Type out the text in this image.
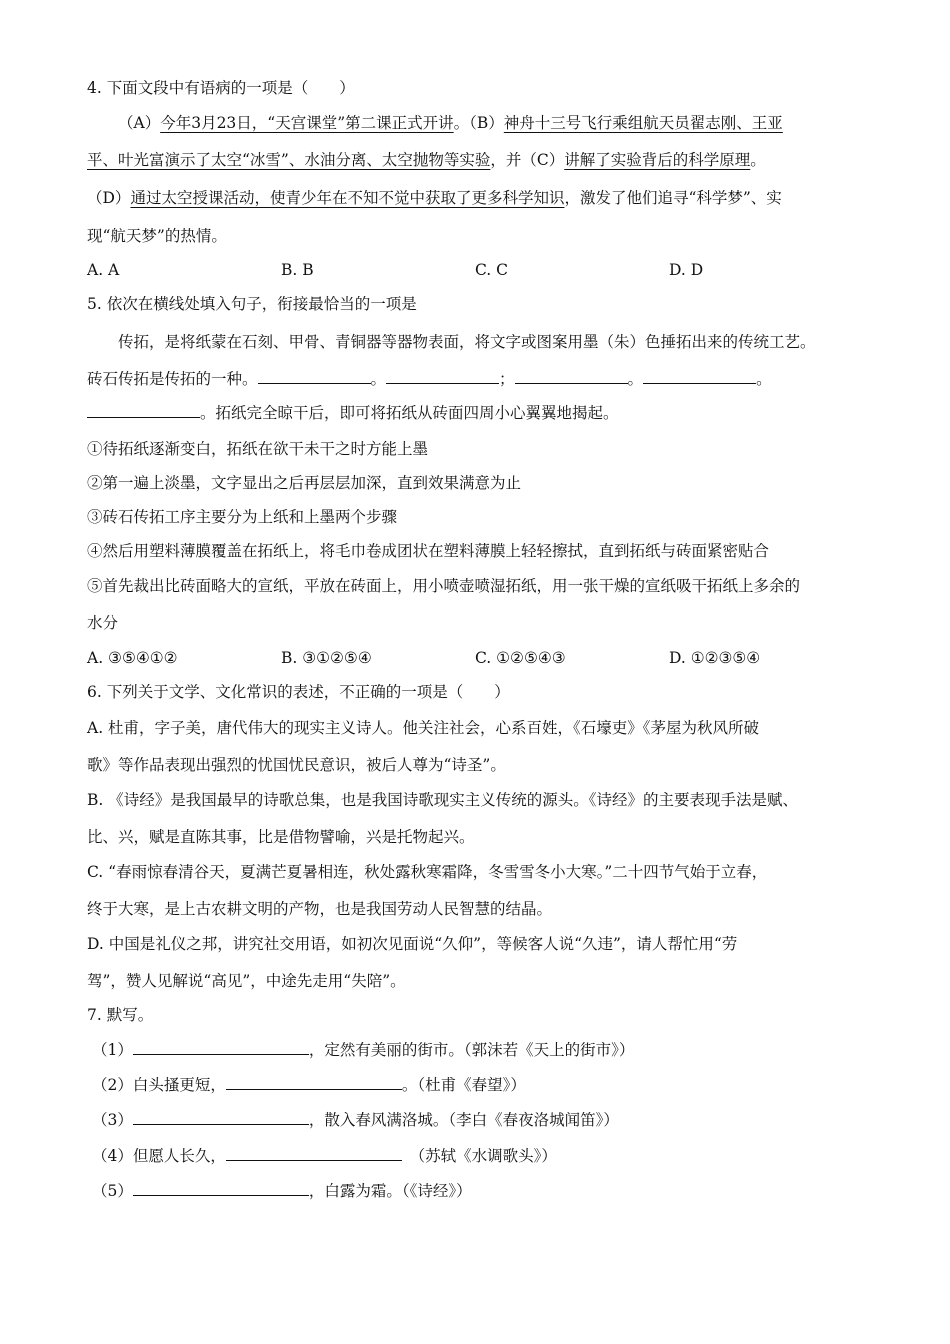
4. 下面文段中有语病的一项是（　　）
（A）今年3月23日，“天宫课堂”第二课正式开讲。（B）神舟十三号飞行乘组航天员翟志刚、王亚
平、叶光富演示了太空“冰雪”、水油分离、太空抛物等实验，并（C）讲解了实验背后的科学原理。
（D）通过太空授课活动，使青少年在不知不觉中获取了更多科学知识，激发了他们追寻“科学梦”、实
现“航天梦”的热情。
A. A	B. B	C. C	D. D
5. 依次在横线处填入句子，衔接最恰当的一项是
传拓，是将纸蒙在石刻、甲骨、青铜器等器物表面，将文字或图案用墨（朱）色捶拓出来的传统工艺。
砖石传拓是传拓的一种。	。	；	。	。
。拓纸完全晾干后，即可将拓纸从砖面四周小心翼翼地揭起。
①待拓纸逐渐变白，拓纸在欲干未干之时方能上墨
②第一遍上淡墨，文字显出之后再层层加深，直到效果满意为止
③砖石传拓工序主要分为上纸和上墨两个步骤
④然后用塑料薄膜覆盖在拓纸上，将毛巾卷成团状在塑料薄膜上轻轻擦拭，直到拓纸与砖面紧密贴合
⑤首先裁出比砖面略大的宣纸，平放在砖面上，用小喷壶喷湿拓纸，用一张干燥的宣纸吸干拓纸上多余的
水分
A. ③⑤④①②	B. ③①②⑤④	C. ①②⑤④③	D. ①②③⑤④
6. 下列关于文学、文化常识的表述，不正确的一项是（　　）
A. 杜甫，字子美，唐代伟大的现实主义诗人。他关注社会，心系百姓，《石壕吏》《茅屋为秋风所破
歌》等作品表现出强烈的忧国忧民意识，被后人尊为“诗圣”。
B. 《诗经》是我国最早的诗歌总集，也是我国诗歌现实主义传统的源头。《诗经》的主要表现手法是赋、
比、兴，赋是直陈其事，比是借物譬喻，兴是托物起兴。
C. “春雨惊春清谷天，夏满芒夏暑相连，秋处露秋寒霜降，冬雪雪冬小大寒。”二十四节气始于立春，
终于大寒，是上古农耕文明的产物，也是我国劳动人民智慧的结晶。
D. 中国是礼仪之邦，讲究社交用语，如初次见面说“久仰”，等候客人说“久违”，请人帮忙用“劳
驾”，赞人见解说“高见”，中途先走用“失陪”。
7. 默写。
（1）	，定然有美丽的街市。（郭沫若《天上的街市》）
（2）白头搔更短，	。（杜甫《春望》）
（3）	，散入春风满洛城。（李白《春夜洛城闻笛》）
（4）但愿人长久，	　（苏轼《水调歌头》）
（5）	，白露为霜。（《诗经》）
